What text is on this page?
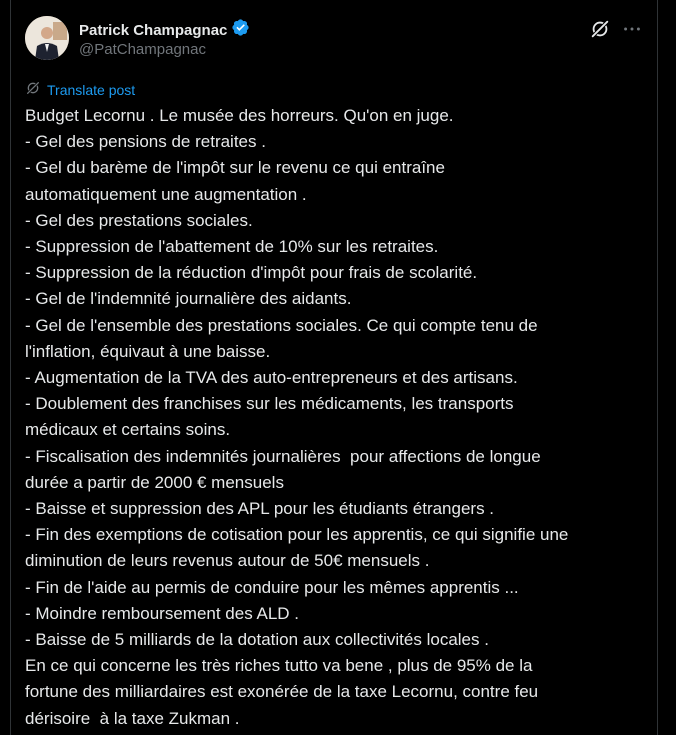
Patrick Champagnac
@PatChampagnac
Translate post
Budget Lecornu . Le musée des horreurs. Qu'on en juge.
- Gel des pensions de retraites .
- Gel du barème de l'impôt sur le revenu ce qui entraîne
automatiquement une augmentation .
- Gel des prestations sociales.
- Suppression de l'abattement de 10% sur les retraites.
- Suppression de la réduction d'impôt pour frais de scolarité.
- Gel de l'indemnité journalière des aidants.
- Gel de l'ensemble des prestations sociales. Ce qui compte tenu de
l'inflation, équivaut à une baisse.
- Augmentation de la TVA des auto-entrepreneurs et des artisans.
- Doublement des franchises sur les médicaments, les transports
médicaux et certains soins.
- Fiscalisation des indemnités journalières  pour affections de longue
durée a partir de 2000 € mensuels
- Baisse et suppression des APL pour les étudiants étrangers .
- Fin des exemptions de cotisation pour les apprentis, ce qui signifie une
diminution de leurs revenus autour de 50€ mensuels .
- Fin de l'aide au permis de conduire pour les mêmes apprentis ...
- Moindre remboursement des ALD .
- Baisse de 5 milliards de la dotation aux collectivités locales .
En ce qui concerne les très riches tutto va bene , plus de 95% de la
fortune des milliardaires est exonérée de la taxe Lecornu, contre feu
dérisoire  à la taxe Zukman .
